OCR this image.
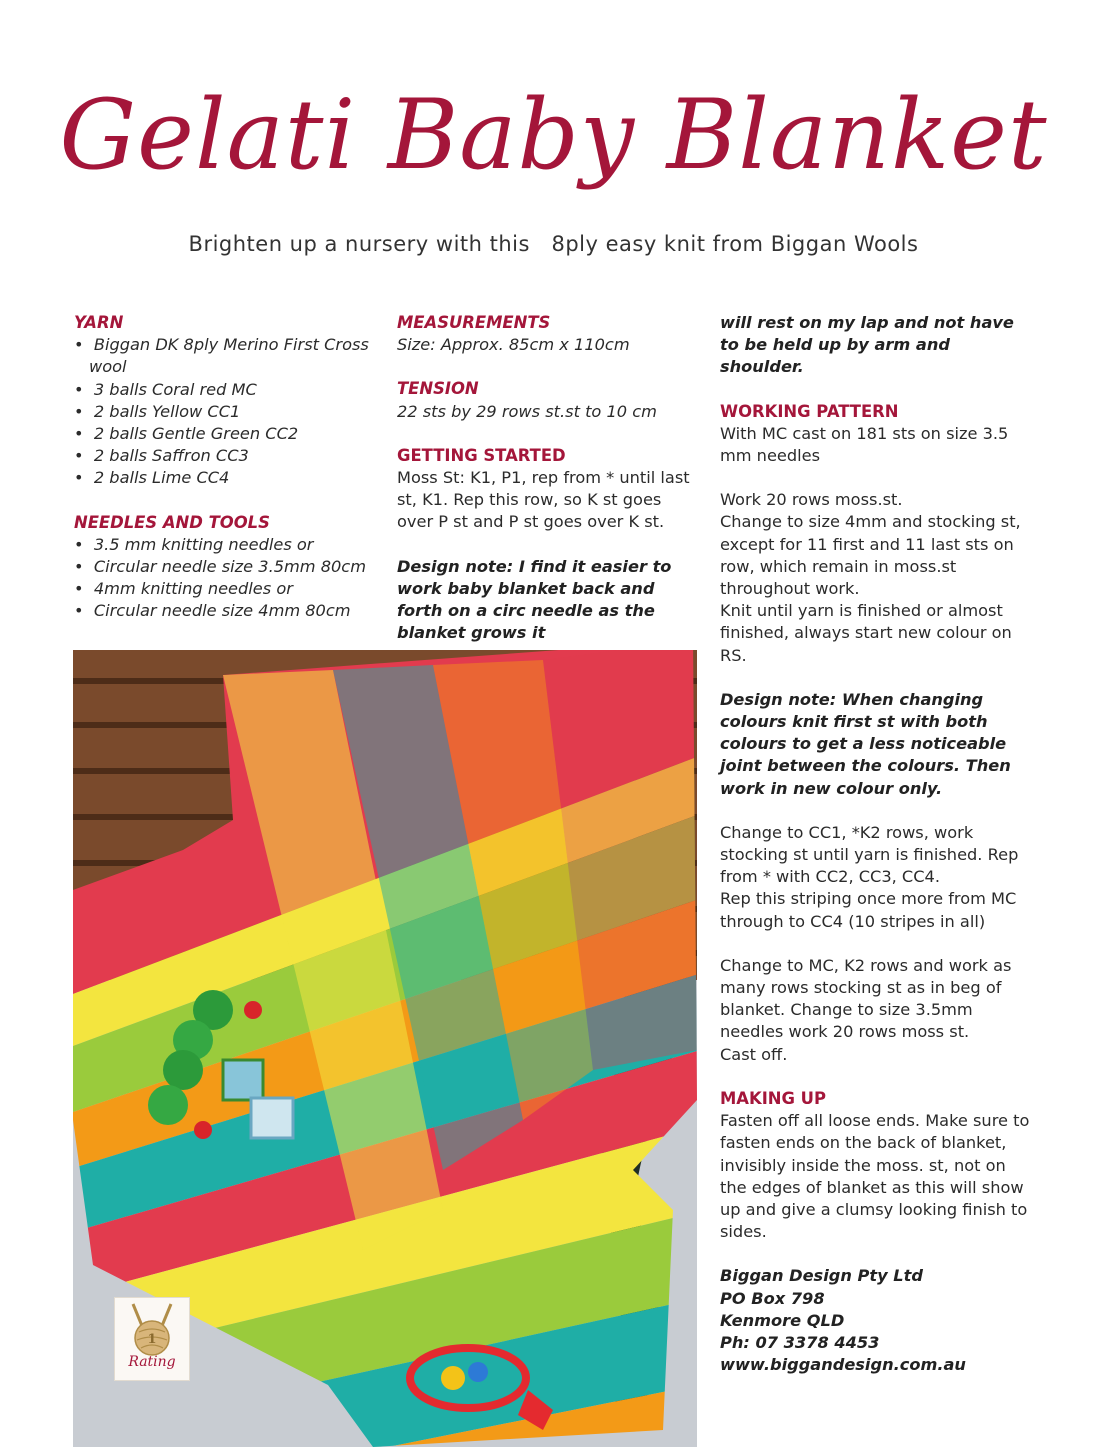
Gelati Baby Blanket
Brighten up a nursery with this   8ply easy knit from Biggan Wools
YARN
•  Biggan DK 8ply Merino First Cross wool
•  3 balls Coral red MC
•  2 balls Yellow CC1
•  2 balls Gentle Green CC2
•  2 balls Saffron CC3
•  2 balls Lime CC4
NEEDLES AND TOOLS
•  3.5 mm knitting needles or
•  Circular needle size 3.5mm 80cm
•  4mm knitting needles or
•  Circular needle size 4mm 80cm
MEASUREMENTS

Size: Approx. 85cm x 110cm

TENSION

22 sts by 29 rows st.st to 10 cm

GETTING STARTED

Moss St: K1, P1, rep from * until last st, K1. Rep this row, so K st goes over P st and P st goes over K st.

Design note: I find it easier to work baby blanket back and forth on a circ needle as the blanket grows it

will rest on my lap and not have to be held up by arm and shoulder.

WORKING PATTERN

With MC cast on 181 sts on size 3.5 mm needles

Work 20 rows moss.st.

Change to size 4mm and stocking st, except for 11 first and 11 last sts on row, which remain in moss.st throughout work.

Knit until yarn is finished or almost finished, always start new colour on RS.

Design note: When changing colours knit first st with both colours to get a less noticeable joint between the colours. Then work in new colour only.

Change to CC1, *K2 rows, work stocking st until yarn is finished. Rep from * with CC2, CC3, CC4.

Rep this striping once more from MC through to CC4 (10 stripes in all)

Change to MC, K2 rows and work as many rows stocking st as in beg of blanket. Change to size 3.5mm needles work 20 rows moss st.

Cast off.

MAKING UP

Fasten off all loose ends. Make sure to fasten ends on the back of blanket, invisibly inside the moss. st, not on the edges of blanket as this will show up and give a clumsy looking finish to sides.

Biggan Design Pty Ltd

PO Box 798

Kenmore QLD

Ph: 07 3378 4453

www.biggandesign.com.au

1
Rating
